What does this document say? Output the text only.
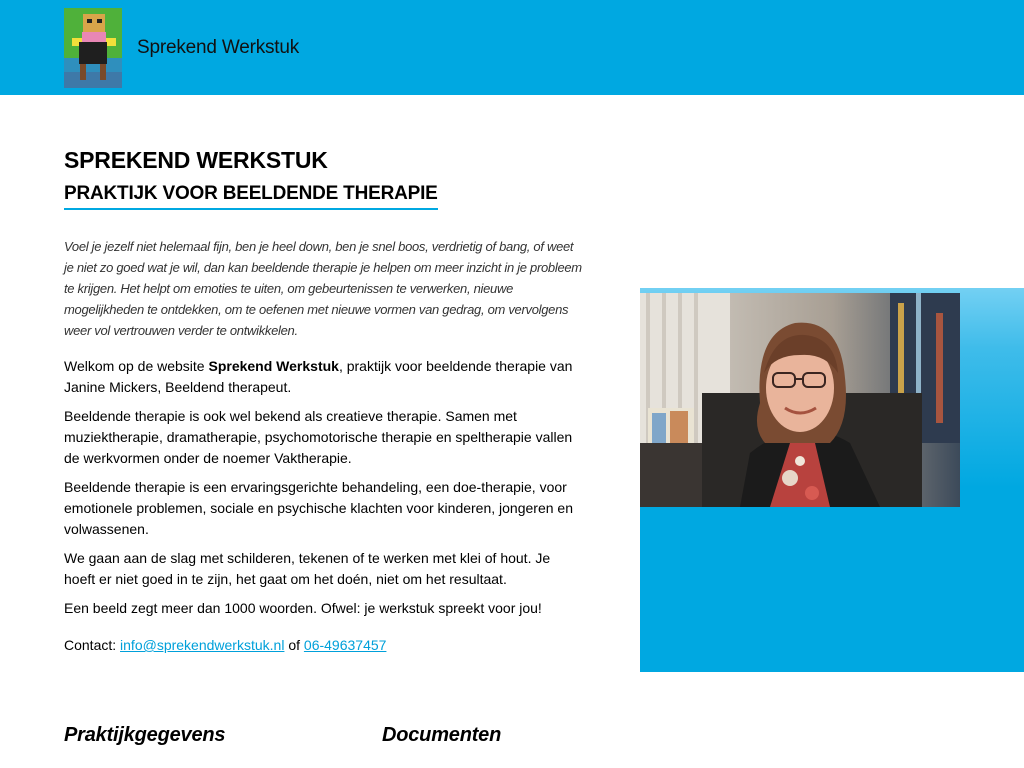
Sprekend Werkstuk
SPREKEND WERKSTUK
PRAKTIJK VOOR BEELDENDE THERAPIE

Voel je jezelf niet helemaal fijn, ben je heel down, ben je snel boos, verdrietig of bang, of weet je niet zo goed wat je wil, dan kan beeldende therapie je helpen om meer inzicht in je probleem te krijgen. Het helpt om emoties te uiten, om gebeurtenissen te verwerken, nieuwe mogelijkheden te ontdekken, om te oefenen met nieuwe vormen van gedrag, om vervolgens weer vol vertrouwen verder te ontwikkelen.

Welkom op de website Sprekend Werkstuk, praktijk voor beeldende therapie van Janine Mickers, Beeldend therapeut.

Beeldende therapie is ook wel bekend als creatieve therapie. Samen met muziektherapie, dramatherapie, psychomotorische therapie en speltherapie vallen de werkvormen onder de noemer Vaktherapie.

Beeldende therapie is een ervaringsgerichte behandeling, een doe-therapie, voor emotionele problemen, sociale en psychische klachten voor kinderen, jongeren en volwassenen.

We gaan aan de slag met schilderen, tekenen of te werken met klei of hout. Je hoeft er niet goed in te zijn, het gaat om het doén, niet om het resultaat.

Een beeld zegt meer dan 1000 woorden. Ofwel: je werkstuk spreekt voor jou!

Contact: info@sprekendwerkstuk.nl of 06-49637457

Praktijkgegevens	Documenten
